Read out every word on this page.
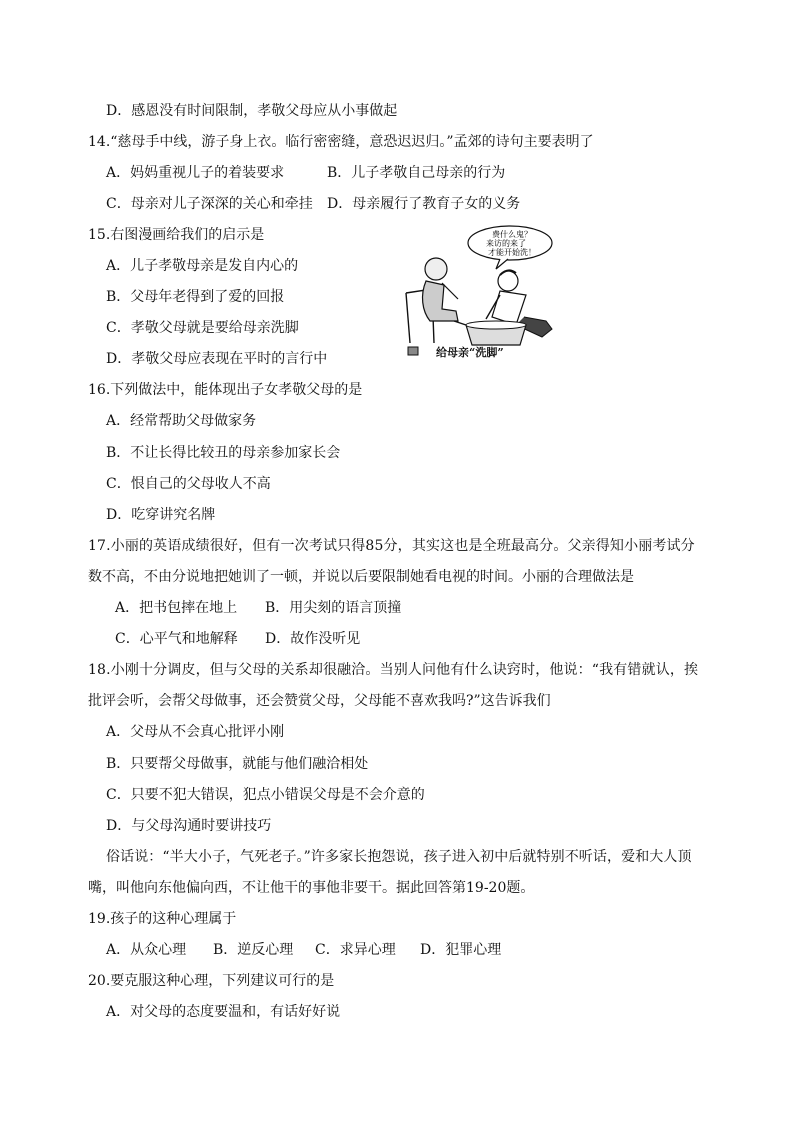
D．感恩没有时间限制，孝敬父母应从小事做起
14.“慈母手中线，游子身上衣。临行密密缝，意恐迟迟归。”孟郊的诗句主要表明了
A．妈妈重视儿子的着装要求	B．儿子孝敬自己母亲的行为
C．母亲对儿子深深的关心和牵挂 D．母亲履行了教育子女的义务
15.右图漫画给我们的启示是
A．儿子孝敬母亲是发自内心的
B．父母年老得到了爱的回报
C．孝敬父母就是要给母亲洗脚
D．孝敬父母应表现在平时的言行中
费什么鬼？
来访的来了
才能开始洗！
给母亲“洗脚”
16.下列做法中，能体现出子女孝敬父母的是
A．经常帮助父母做家务
B．不让长得比较丑的母亲参加家长会
C．恨自己的父母收人不高
D．吃穿讲究名牌
17.小丽的英语成绩很好，但有一次考试只得85分，其实这也是全班最高分。父亲得知小丽考试分
数不高，不由分说地把她训了一顿，并说以后要限制她看电视的时间。小丽的合理做法是
A．把书包摔在地上 B．用尖刻的语言顶撞
C．心平气和地解释 D．故作没听见
18.小刚十分调皮，但与父母的关系却很融洽。当别人问他有什么诀窍时，他说：“我有错就认，挨
批评会听，会帮父母做事，还会赞赏父母，父母能不喜欢我吗?”这告诉我们
A．父母从不会真心批评小刚
B．只要帮父母做事，就能与他们融洽相处
C．只要不犯大错误，犯点小错误父母是不会介意的
D．与父母沟通时要讲技巧
俗话说：“半大小子，气死老子。”许多家长抱怨说，孩子进入初中后就特别不听话，爱和大人顶
嘴，叫他向东他偏向西，不让他干的事他非要干。据此回答第19-20题。
19.孩子的这种心理属于
A．从众心理 B．逆反心理 C．求异心理 D．犯罪心理
20.要克服这种心理，下列建议可行的是
A．对父母的态度要温和，有话好好说
